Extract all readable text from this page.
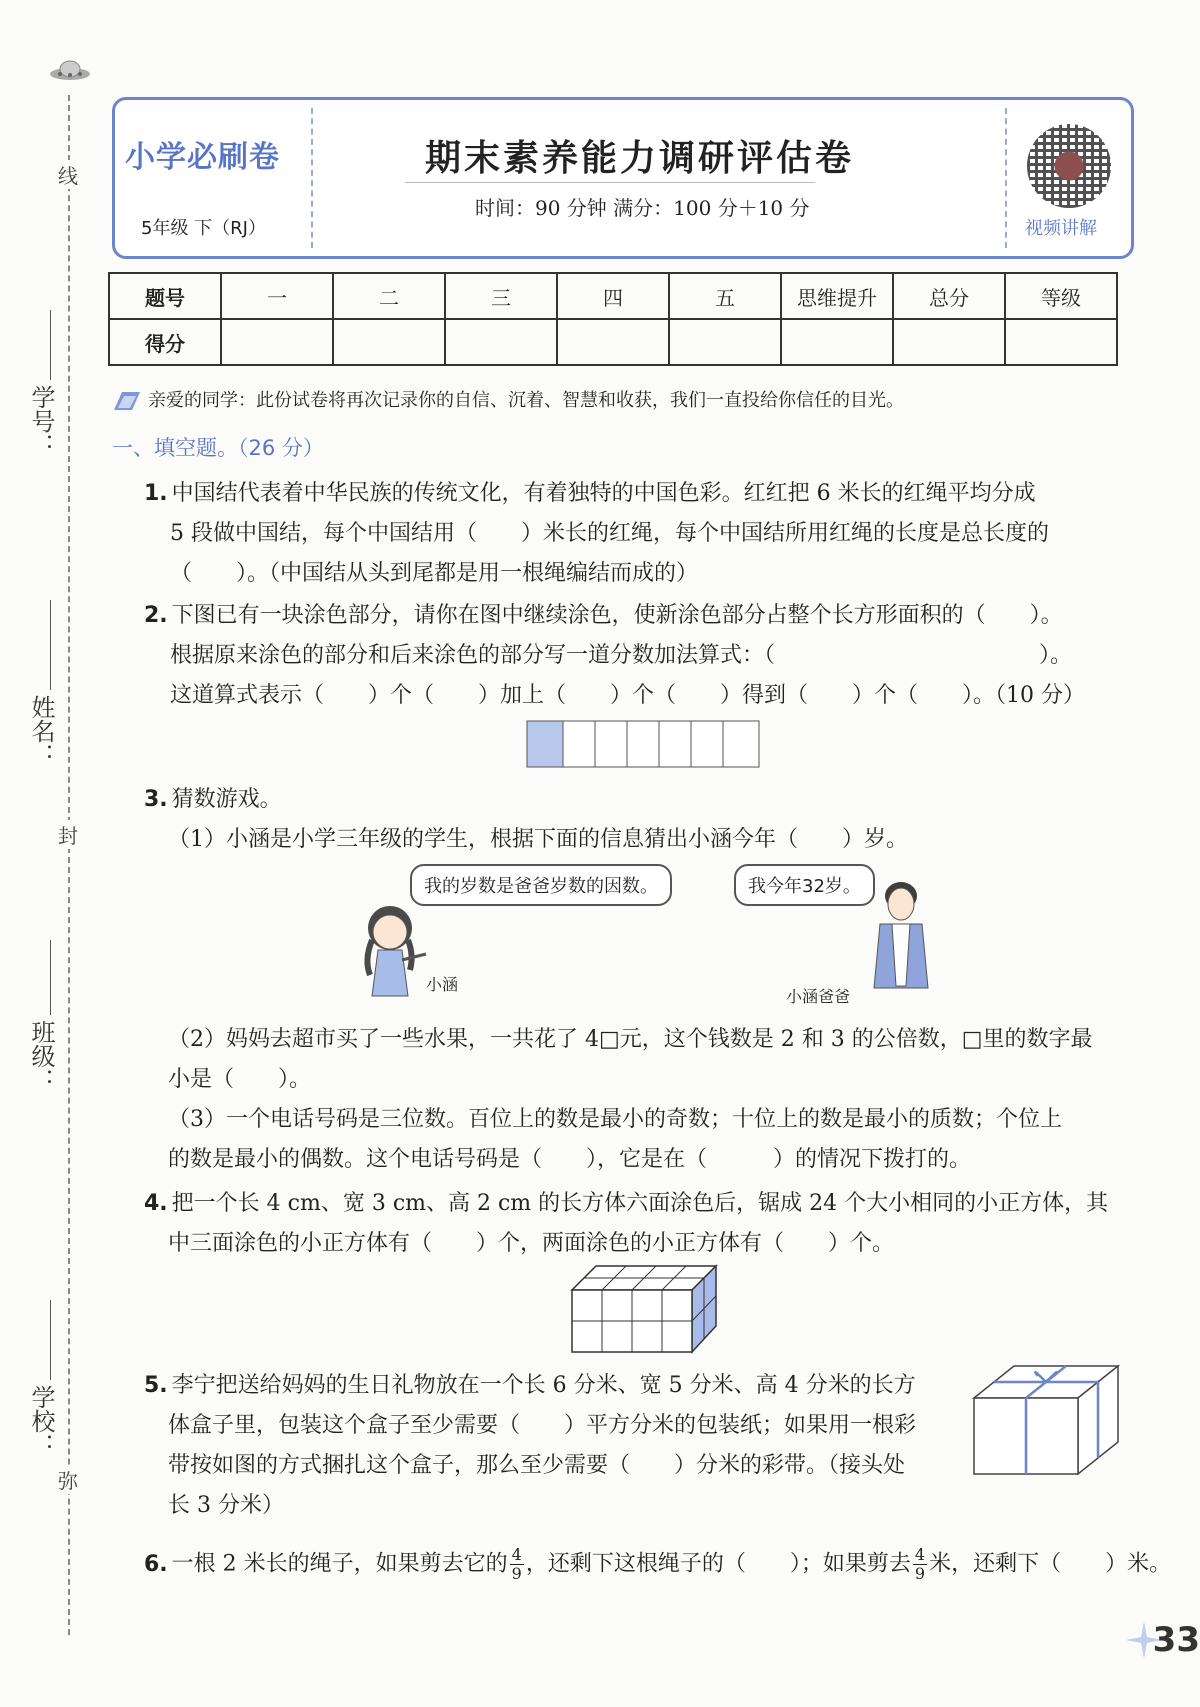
线
学号：
姓名：
封
班级：
学校：
弥
小学必刷卷
5年级 下（RJ）
期末素养能力调研评估卷
时间：90 分钟 满分：100 分＋10 分
视频讲解
题号	一	二	三	四	五	思维提升	总分	等级
得分								
亲爱的同学：此份试卷将再次记录你的自信、沉着、智慧和收获，我们一直投给你信任的目光。
一、填空题。（26 分）
1. 中国结代表着中华民族的传统文化，有着独特的中国色彩。红红把 6 米长的红绳平均分成
5 段做中国结，每个中国结用（　　）米长的红绳，每个中国结所用红绳的长度是总长度的
（　　）。（中国结从头到尾都是用一根绳编结而成的）
2. 下图已有一块涂色部分，请你在图中继续涂色，使新涂色部分占整个长方形面积的（　　）。
根据原来涂色的部分和后来涂色的部分写一道分数加法算式：（　　　　　　　　　　　　）。
这道算式表示（　　）个（　　）加上（　　）个（　　）得到（　　）个（　　）。（10 分）
3. 猜数游戏。
（1）小涵是小学三年级的学生，根据下面的信息猜出小涵今年（　　）岁。
我的岁数是爸爸岁数的因数。	我今年32岁。
小涵
小涵爸爸
（2）妈妈去超市买了一些水果，一共花了 4□元，这个钱数是 2 和 3 的公倍数，□里的数字最
小是（　　）。
（3）一个电话号码是三位数。百位上的数是最小的奇数；十位上的数是最小的质数；个位上
的数是最小的偶数。这个电话号码是（　　），它是在（　　　）的情况下拨打的。
4. 把一个长 4 cm、宽 3 cm、高 2 cm 的长方体六面涂色后，锯成 24 个大小相同的小正方体，其
中三面涂色的小正方体有（　　）个，两面涂色的小正方体有（　　）个。
5. 李宁把送给妈妈的生日礼物放在一个长 6 分米、宽 5 分米、高 4 分米的长方
体盒子里，包装这个盒子至少需要（　　）平方分米的包装纸；如果用一根彩
带按如图的方式捆扎这个盒子，那么至少需要（　　）分米的彩带。（接头处
长 3 分米）
6. 一根 2 米长的绳子，如果剪去它的 $\frac{4}{9}$ ，还剩下这根绳子的（　　）；如果剪去 $\frac{4}{9}$ 米，还剩下（　　）米。
33
